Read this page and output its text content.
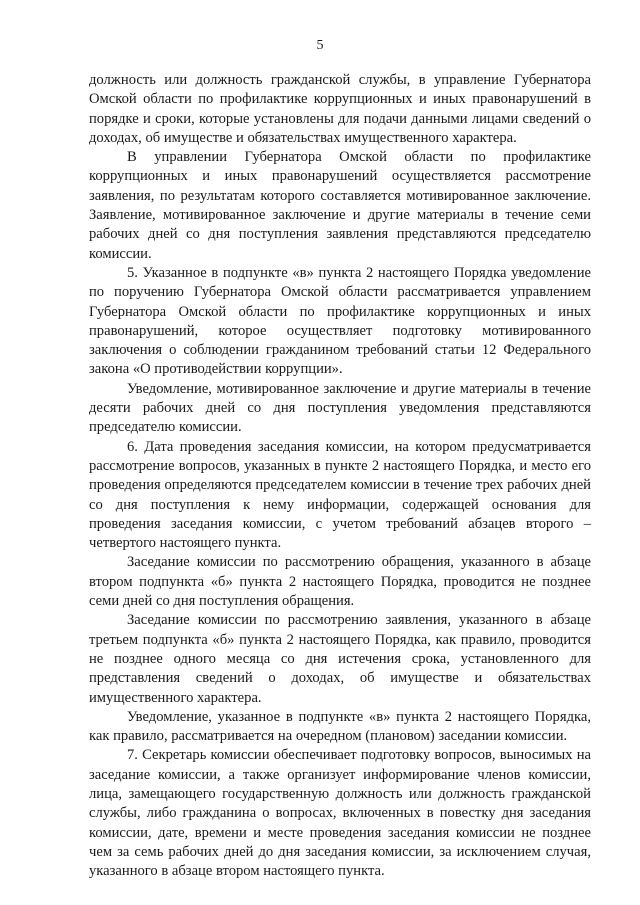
5

должность или должность гражданской службы, в управление Губернатора Омской области по профилактике коррупционных и иных правонарушений в порядке и сроки, которые установлены для подачи данными лицами сведений о доходах, об имуществе и обязательствах имущественного характера.

В управлении Губернатора Омской области по профилактике коррупционных и иных правонарушений осуществляется рассмотрение заявления, по результатам которого составляется мотивированное заключение. Заявление, мотивированное заключение и другие материалы в течение семи рабочих дней со дня поступления заявления представляются председателю комиссии.

5. Указанное в подпункте «в» пункта 2 настоящего Порядка уведомление по поручению Губернатора Омской области рассматривается управлением Губернатора Омской области по профилактике коррупционных и иных правонарушений, которое осуществляет подготовку мотивированного заключения о соблюдении гражданином требований статьи 12 Федерального закона «О противодействии коррупции».

Уведомление, мотивированное заключение и другие материалы в течение десяти рабочих дней со дня поступления уведомления представляются председателю комиссии.

6. Дата проведения заседания комиссии, на котором предусматривается рассмотрение вопросов, указанных в пункте 2 настоящего Порядка, и место его проведения определяются председателем комиссии в течение трех рабочих дней со дня поступления к нему информации, содержащей основания для проведения заседания комиссии, с учетом требований абзацев второго – четвертого настоящего пункта.

Заседание комиссии по рассмотрению обращения, указанного в абзаце втором подпункта «б» пункта 2 настоящего Порядка, проводится не позднее семи дней со дня поступления обращения.

Заседание комиссии по рассмотрению заявления, указанного в абзаце третьем подпункта «б» пункта 2 настоящего Порядка, как правило, проводится не позднее одного месяца со дня истечения срока, установленного для представления сведений о доходах, об имуществе и обязательствах имущественного характера.

Уведомление, указанное в подпункте «в» пункта 2 настоящего Порядка, как правило, рассматривается на очередном (плановом) заседании комиссии.

7. Секретарь комиссии обеспечивает подготовку вопросов, выносимых на заседание комиссии, а также организует информирование членов комиссии, лица, замещающего государственную должность или должность гражданской службы, либо гражданина о вопросах, включенных в повестку дня заседания комиссии, дате, времени и месте проведения заседания комиссии не позднее чем за семь рабочих дней до дня заседания комиссии, за исключением случая, указанного в абзаце втором настоящего пункта.
